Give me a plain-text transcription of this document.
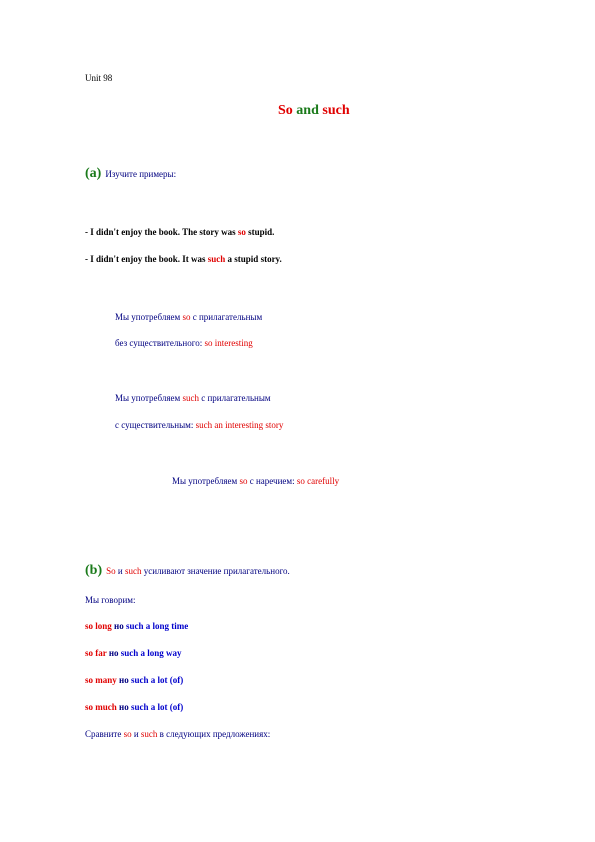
Unit 98
So and such
(a) Изучите примеры:
- I didn't enjoy the book. The story was so stupid.
- I didn't enjoy the book. It was such a stupid story.
Мы употребляем so с прилагательным
без существительного: so interesting
Мы употребляем such с прилагательным
с существительным: such an interesting story
Мы употребляем so с наречием: so carefully
(b) So и such усиливают значение прилагательного.
Мы говорим:
so long но such a long time
so far но such a long way
so many но such a lot (of)
so much но such a lot (of)
Сравните so и such в следующих предложениях:
